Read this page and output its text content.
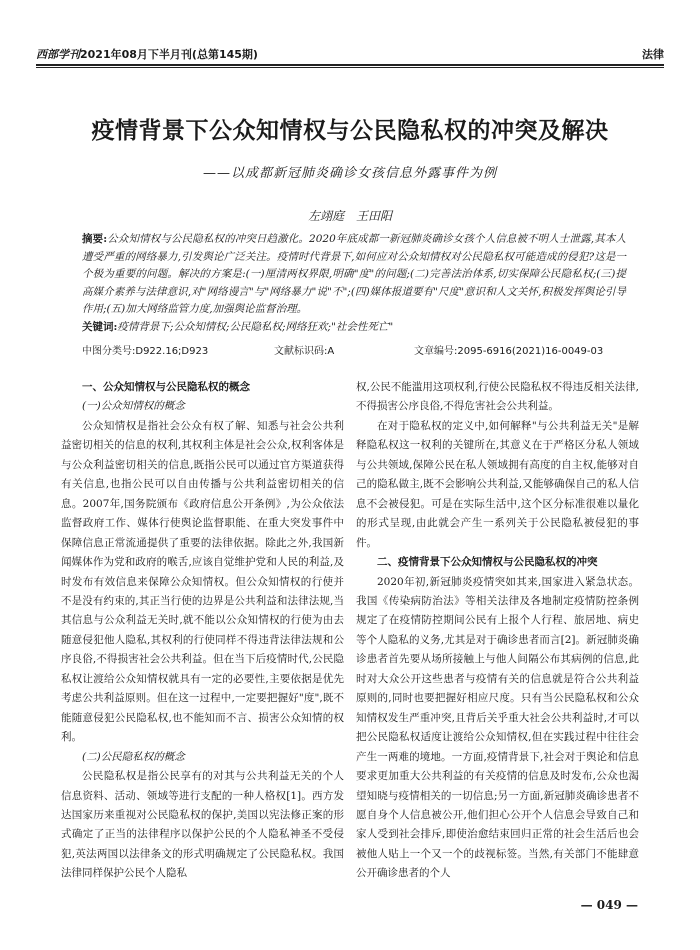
西部学刊2021年08月下半月刊(总第145期)	法律
疫情背景下公众知情权与公民隐私权的冲突及解决
——以成都新冠肺炎确诊女孩信息外露事件为例
左翊庭　王田阳

摘要:公众知情权与公民隐私权的冲突日趋激化。2020年底成都一新冠肺炎确诊女孩个人信息被不明人士泄露,其本人遭受严重的网络暴力,引发舆论广泛关注。疫情时代背景下,如何应对公众知情权对公民隐私权可能造成的侵犯?这是一个极为重要的问题。解决的方案是:(一)厘清两权界限,明确"度"的问题;(二)完善法治体系,切实保障公民隐私权;(三)提高媒介素养与法律意识,对"网络谩言"与"网络暴力"说"不";(四)媒体报道要有"尺度"意识和人文关怀,积极发挥舆论引导作用;(五)加大网络监管力度,加强舆论监督治理。

关键词:疫情背景下;公众知情权;公民隐私权;网络狂欢;"社会性死亡"

中图分类号:D922.16;D923	文献标识码:A	文章编号:2095-6916(2021)16-0049-03
一、公众知情权与公民隐私权的概念
(一)公众知情权的概念

公众知情权是指社会公众有权了解、知悉与社会公共利益密切相关的信息的权利,其权利主体是社会公众,权利客体是与公众利益密切相关的信息,既指公民可以通过官方渠道获得有关信息,也指公民可以自由传播与公共利益密切相关的信息。2007年,国务院颁布《政府信息公开条例》,为公众依法监督政府工作、媒体行使舆论监督职能、在重大突发事件中保障信息正常流通提供了重要的法律依据。除此之外,我国新闻媒体作为党和政府的喉舌,应该自觉维护党和人民的利益,及时发布有效信息来保障公众知情权。但公众知情权的行使并不是没有约束的,其正当行使的边界是公共利益和法律法规,当其信息与公众利益无关时,就不能以公众知情权的行使为由去随意侵犯他人隐私,其权利的行使同样不得违背法律法规和公序良俗,不得损害社会公共利益。但在当下后疫情时代,公民隐私权让渡给公众知情权就具有一定的必要性,主要依据是优先考虑公共利益原则。但在这一过程中,一定要把握好"度",既不能随意侵犯公民隐私权,也不能知而不言、损害公众知情的权利。

(二)公民隐私权的概念

公民隐私权是指公民享有的对其与公共利益无关的个人信息资料、活动、领域等进行支配的一种人格权[1]。西方发达国家历来重视对公民隐私权的保护,美国以宪法修正案的形式确定了正当的法律程序以保护公民的个人隐私神圣不受侵犯,英法两国以法律条文的形式明确规定了公民隐私权。我国法律同样保护公民个人隐私

权,公民不能滥用这项权利,行使公民隐私权不得违反相关法律,不得损害公序良俗,不得危害社会公共利益。

在对于隐私权的定义中,如何解释"与公共利益无关"是解释隐私权这一权利的关键所在,其意义在于严格区分私人领域与公共领域,保障公民在私人领域拥有高度的自主权,能够对自己的隐私做主,既不会影响公共利益,又能够确保自己的私人信息不会被侵犯。可是在实际生活中,这个区分标准很难以量化的形式呈现,由此就会产生一系列关于公民隐私被侵犯的事件。

二、疫情背景下公众知情权与公民隐私权的冲突

2020年初,新冠肺炎疫情突如其来,国家进入紧急状态。我国《传染病防治法》等相关法律及各地制定疫情防控条例规定了在疫情防控期间公民有上报个人行程、旅居地、病史等个人隐私的义务,尤其是对于确诊患者而言[2]。新冠肺炎确诊患者首先要从场所接触上与他人间隔公布其病例的信息,此时对大众公开这些患者与疫情有关的信息就是符合公共利益原则的,同时也要把握好相应尺度。只有当公民隐私权和公众知情权发生严重冲突,且背后关乎重大社会公共利益时,才可以把公民隐私权适度让渡给公众知情权,但在实践过程中往往会产生一两难的境地。一方面,疫情背景下,社会对于舆论和信息要求更加重大公共利益的有关疫情的信息及时发布,公众也渴望知晓与疫情相关的一切信息;另一方面,新冠肺炎确诊患者不愿自身个人信息被公开,他们担心公开个人信息会导致自己和家人受到社会排斥,即使治愈结束回归正常的社会生活后也会被他人贴上一个又一个的歧视标签。当然,有关部门不能肆意公开确诊患者的个人

— 049 —
